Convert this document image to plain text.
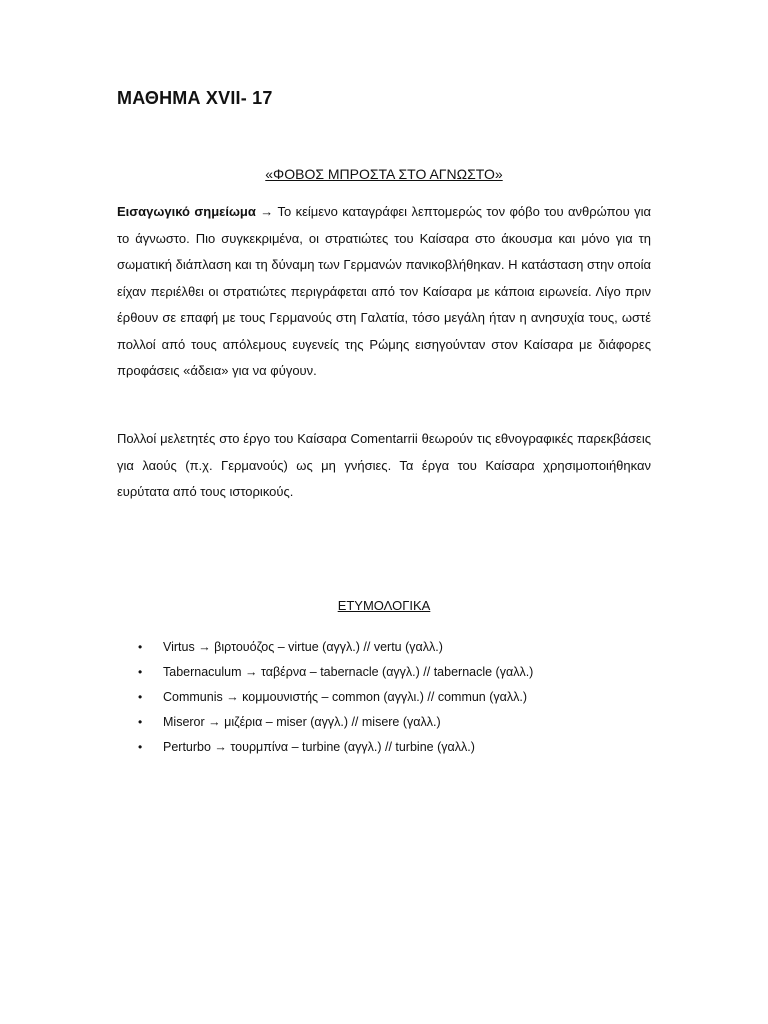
ΜΑΘΗΜΑ XVII- 17
«ΦΟΒΟΣ ΜΠΡΟΣΤΑ ΣΤΟ ΑΓΝΩΣΤΟ»

Εισαγωγικό σημείωμα → Το κείμενο καταγράφει λεπτομερώς τον φόβο του ανθρώπου για το άγνωστο. Πιο συγκεκριμένα, οι στρατιώτες του Καίσαρα στο άκουσμα και μόνο για τη σωματική διάπλαση και τη δύναμη των Γερμανών πανικοβλήθηκαν. Η κατάσταση στην οποία είχαν περιέλθει οι στρατιώτες περιγράφεται από τον Καίσαρα με κάποια ειρωνεία. Λίγο πριν έρθουν σε επαφή με τους Γερμανούς στη Γαλατία, τόσο μεγάλη ήταν η ανησυχία τους, ωστέ πολλοί από τους απόλεμους ευγενείς της Ρώμης εισηγούνταν στον Καίσαρα με διάφορες προφάσεις «άδεια» για να φύγουν.

Πολλοί μελετητές στο έργο του Καίσαρα Comentarrii θεωρούν τις εθνογραφικές παρεκβάσεις για λαούς (π.χ. Γερμανούς) ως μη γνήσιες. Τα έργα του Καίσαρα χρησιμοποιήθηκαν ευρύτατα από τους ιστορικούς.

ΕΤΥΜΟΛΟΓΙΚΑ
• Virtus → βιρτουόζος – virtue (αγγλ.) // vertu (γαλλ.)
• Tabernaculum → ταβέρνα – tabernacle (αγγλ.) // tabernacle (γαλλ.)
• Communis → κομμουνιστής – common (αγγλι.) // commun (γαλλ.)
• Miseror → μιζέρια – miser (αγγλ.) // misere (γαλλ.)
• Perturbo → τουρμπίνα – turbine (αγγλ.) // turbine (γαλλ.)
